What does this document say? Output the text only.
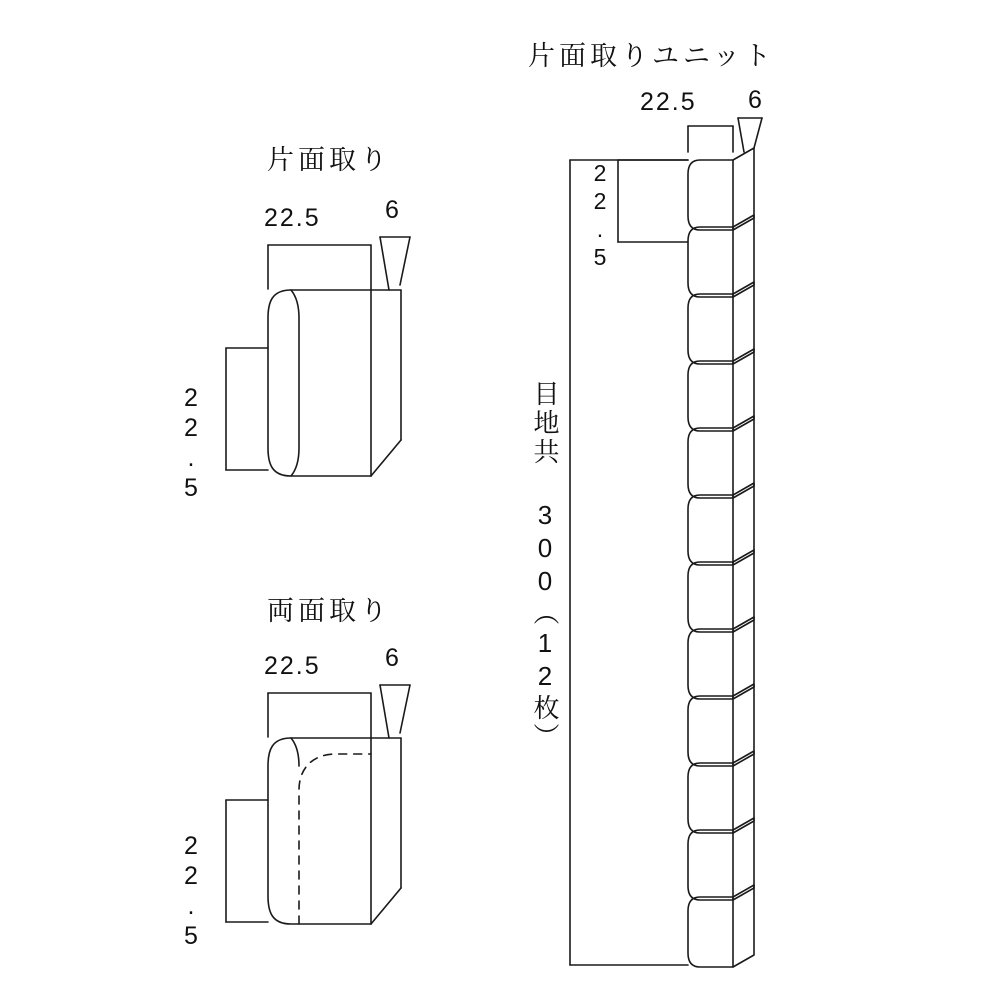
片面取り
22.5	6
22.5
両面取り
22.5	6
22.5
片面取りユニット
22.5 6
22.5
目地共 300（12枚）
